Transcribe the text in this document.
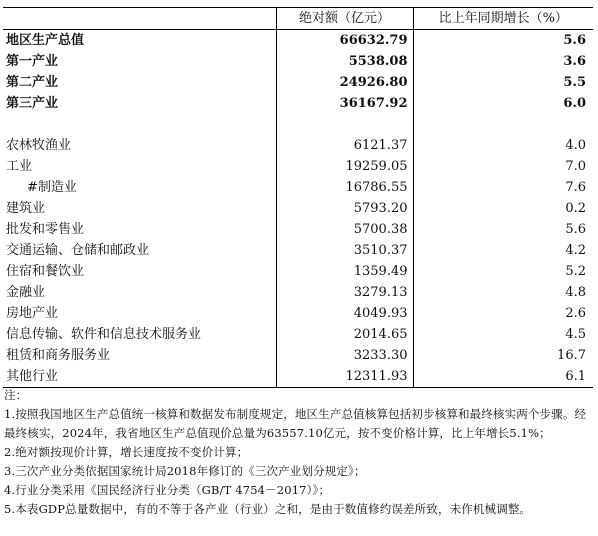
	绝对额（亿元）	比上年同期增长（%）
地区生产总值	66632.79	5.6
第一产业	5538.08	3.6
第二产业	24926.80	5.5
第三产业	36167.92	6.0

农林牧渔业	6121.37	4.0
工业	19259.05	7.0
#制造业	16786.55	7.6
建筑业	5793.20	0.2
批发和零售业	5700.38	5.6
交通运输、仓储和邮政业	3510.37	4.2
住宿和餐饮业	1359.49	5.2
金融业	3279.13	4.8
房地产业	4049.93	2.6
信息传输、软件和信息技术服务业	2014.65	4.5
租赁和商务服务业	3233.30	16.7
其他行业	12311.93	6.1

注：

1.按照我国地区生产总值统一核算和数据发布制度规定，地区生产总值核算包括初步核算和最终核实两个步骤。经最终核实，2024年，我省地区生产总值现价总量为63557.10亿元，按不变价格计算，比上年增长5.1%；

2.绝对额按现价计算，增长速度按不变价计算；

3.三次产业分类依据国家统计局2018年修订的《三次产业划分规定》；

4.行业分类采用《国民经济行业分类（GB/T 4754－2017）》；

5.本表GDP总量数据中，有的不等于各产业（行业）之和，是由于数值修约误差所致，未作机械调整。
